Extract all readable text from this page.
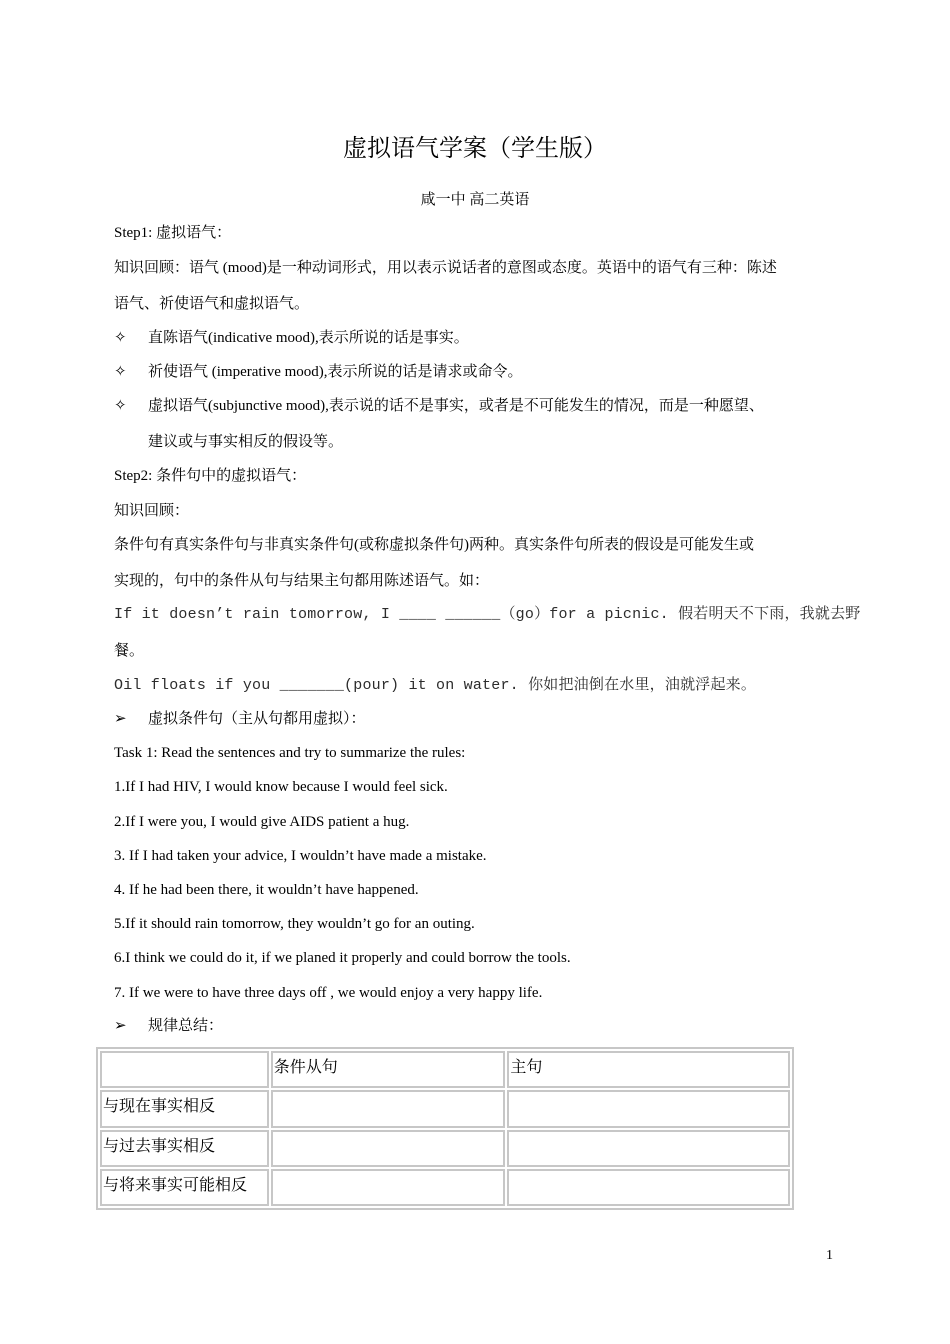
虚拟语气学案（学生版）
咸一中 高二英语
Step1: 虚拟语气：
知识回顾：语气 (mood)是一种动词形式，用以表示说话者的意图或态度。英语中的语气有三种：陈述
语气、祈使语气和虚拟语气。
✧ 直陈语气(indicative mood),表示所说的话是事实。
✧ 祈使语气 (imperative mood),表示所说的话是请求或命令。
✧ 虚拟语气(subjunctive mood),表示说的话不是事实，或者是不可能发生的情况，而是一种愿望、
建议或与事实相反的假设等。
Step2: 条件句中的虚拟语气：
知识回顾：
条件句有真实条件句与非真实条件句(或称虚拟条件句)两种。真实条件句所表的假设是可能发生或
实现的，句中的条件从句与结果主句都用陈述语气。如：
If it doesn’t rain tomorrow, I ____ ______（go）for a picnic. 假若明天不下雨，我就去野
餐。
Oil floats if you _______(pour) it on water. 你如把油倒在水里，油就浮起来。
➢ 虚拟条件句（主从句都用虚拟）：
Task 1: Read the sentences and try to summarize the rules:
1.If I had HIV, I would know because I would feel sick.
2.If I were you, I would give AIDS patient a hug.
3. If I had taken your advice, I wouldn’t have made a mistake.
4. If he had been there, it wouldn’t have happened.
5.If it should rain tomorrow, they wouldn’t go for an outing.
6.I think we could do it, if we planed it properly and could borrow the tools.
7. If we were to have three days off , we would enjoy a very happy life.
➢ 规律总结：
	条件从句	主句
与现在事实相反		
与过去事实相反		
与将来事实可能相反		
1
